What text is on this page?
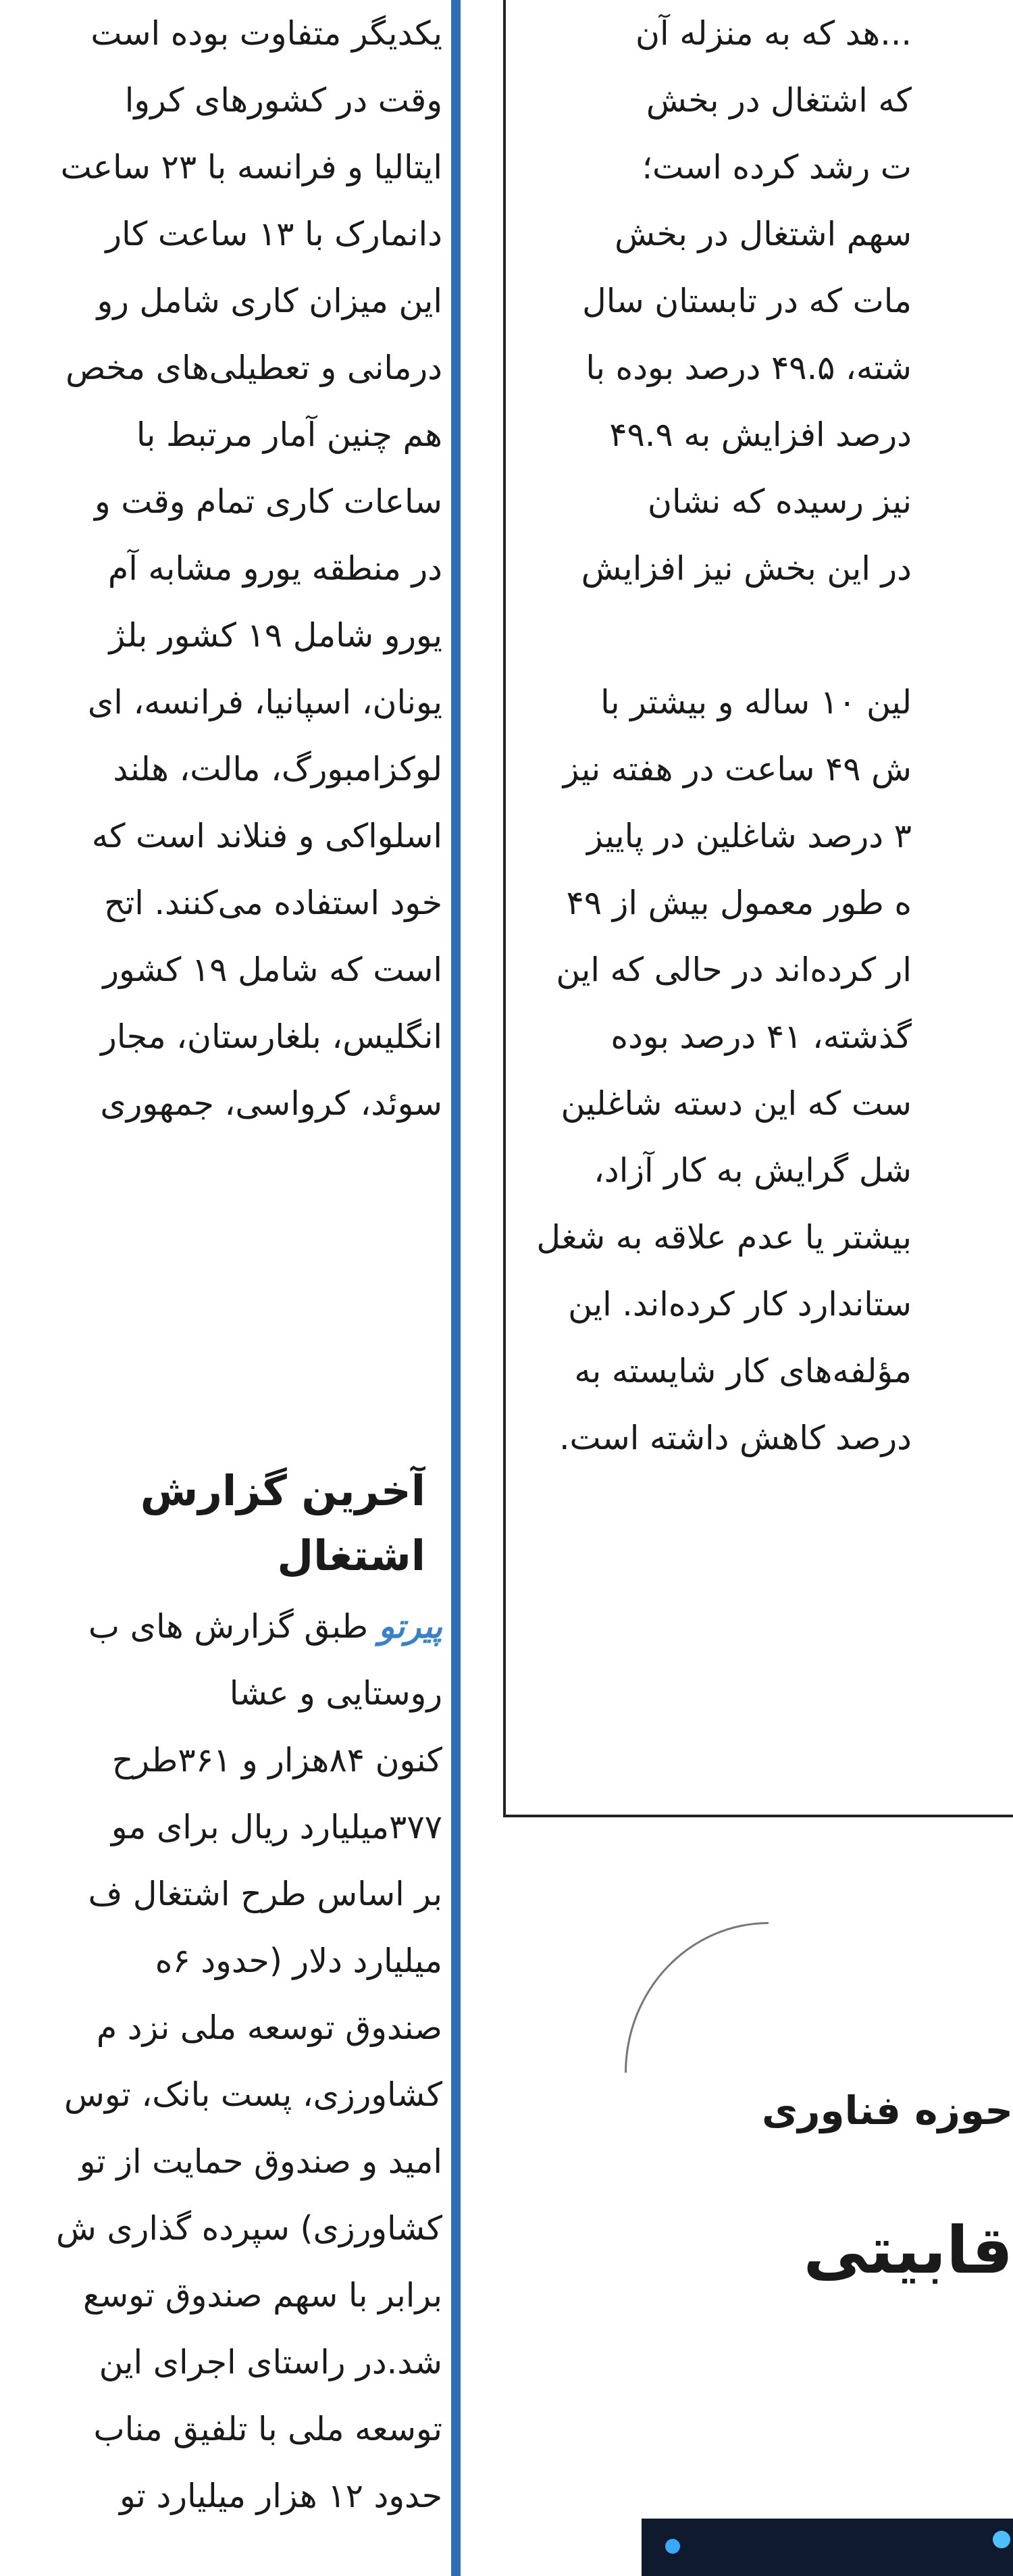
یکدیگر متفاوت بوده است

وقت در کشورهای کروا

ایتالیا و فرانسه با ۲۳ ساعت

دانمارک با ۱۳ ساعت کار

این میزان کاری شامل رو

درمانی و تعطیلی‌های مخص

هم چنین آمار مرتبط با

ساعات کاری تمام وقت و

در منطقه یورو مشابه آم

یورو شامل ۱۹ کشور بلژ

یونان، اسپانیا، فرانسه، ای

لوکزامبورگ، مالت، هلند

اسلواکی و فنلاند است که

خود استفاده می‌کنند. اتح

است که شامل ۱۹ کشور

انگلیس، بلغارستان، مجار

سوئد، کرواسی، جمهوری

آخرین گزارش
اشتغال

پیرتو طبق گزارش های ب

روستایی و عشا

کنون ۸۴هزار و ۳۶۱طرح

۳۷۷میلیارد ریال برای مو

بر اساس طرح اشتغال ف

میلیارد دلار (حدود ۶ه

صندوق توسعه ملی نزد م

کشاورزی، پست بانک، توس

امید و صندوق حمایت از تو

کشاورزی) سپرده گذاری ش

برابر با سهم صندوق توسع

شد.در راستای اجرای این

توسعه ملی با تلفیق مناب

حدود ۱۲ هزار میلیارد تو

...هد که به منزله آن

که اشتغال در بخش

ت رشد کرده است؛

سهم اشتغال در بخش

مات که در تابستان سال

شته، ۴۹.۵ درصد بوده با

درصد افزایش به ۴۹.۹

نیز رسیده که نشان

در این بخش نیز افزایش

لین ۱۰ ساله و بیشتر با

ش ۴۹ ساعت در هفته نیز

۳ درصد شاغلین در پاییز

ه طور معمول بیش از ۴۹

ار کرده‌اند در حالی که این

گذشته، ۴۱ درصد بوده

ست که این دسته شاغلین

شل گرایش به کار آزاد،

بیشتر یا عدم علاقه به شغل

ستاندارد کار کرده‌اند. این

مؤلفه‌های کار شایسته به

درصد کاهش داشته است.

حوزه فناوری
قابیتی
